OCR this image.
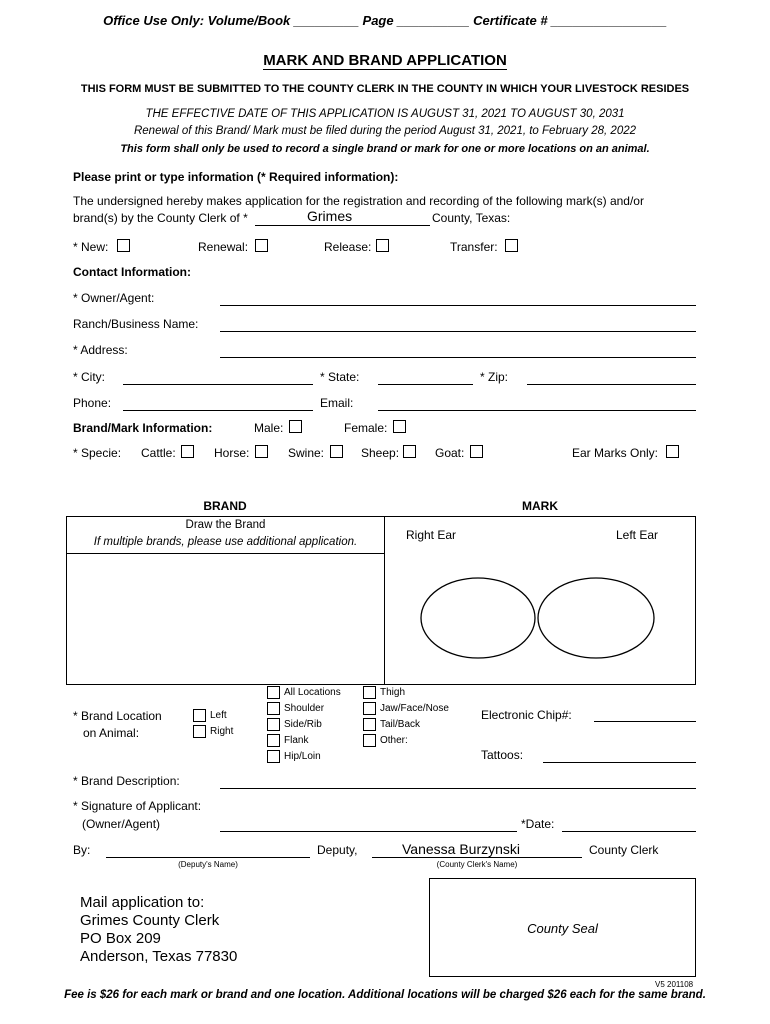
Office Use Only: Volume/Book _________ Page __________ Certificate # ________________
MARK AND BRAND APPLICATION
THIS FORM MUST BE SUBMITTED TO THE COUNTY CLERK IN THE COUNTY IN WHICH YOUR LIVESTOCK RESIDES
THE EFFECTIVE DATE OF THIS APPLICATION IS AUGUST 31, 2021 TO AUGUST 30, 2031
Renewal of this Brand/ Mark must be filed during the period August 31, 2021, to February 28, 2022
This form shall only be used to record a single brand or mark for one or more locations on an animal.
Please print or type information (* Required information):
The undersigned hereby makes application for the registration and recording of the following mark(s) and/or
brand(s) by the County Clerk of *	Grimes	County, Texas:
* New:	Renewal:	Release:	Transfer:
Contact Information:
* Owner/Agent:
Ranch/Business Name:
* Address:
* City:	* State:	* Zip:
Phone:	Email:
Brand/Mark Information:	Male:	Female:
* Specie: Cattle:	Horse:	Swine:	Sheep:	Goat:	Ear Marks Only:
BRAND	MARK
Draw the Brand
If multiple brands, please use additional application.	Right Ear	Left Ear
* Brand Location
on Animal:
Left
Right
All Locations
Shoulder
Side/Rib
Flank
Hip/Loin
Thigh
Jaw/Face/Nose
Tail/Back
Other:
Electronic Chip#:
Tattoos:
* Brand Description:
* Signature of Applicant:
(Owner/Agent)	*Date:
By:
(Deputy's Name)
Deputy,	Vanessa Burzynski
(County Clerk's Name)
County Clerk
Mail application to:
Grimes County Clerk
PO Box 209
Anderson, Texas 77830
County Seal
V5 201108
Fee is $26 for each mark or brand and one location. Additional locations will be charged $26 each for the same brand.
